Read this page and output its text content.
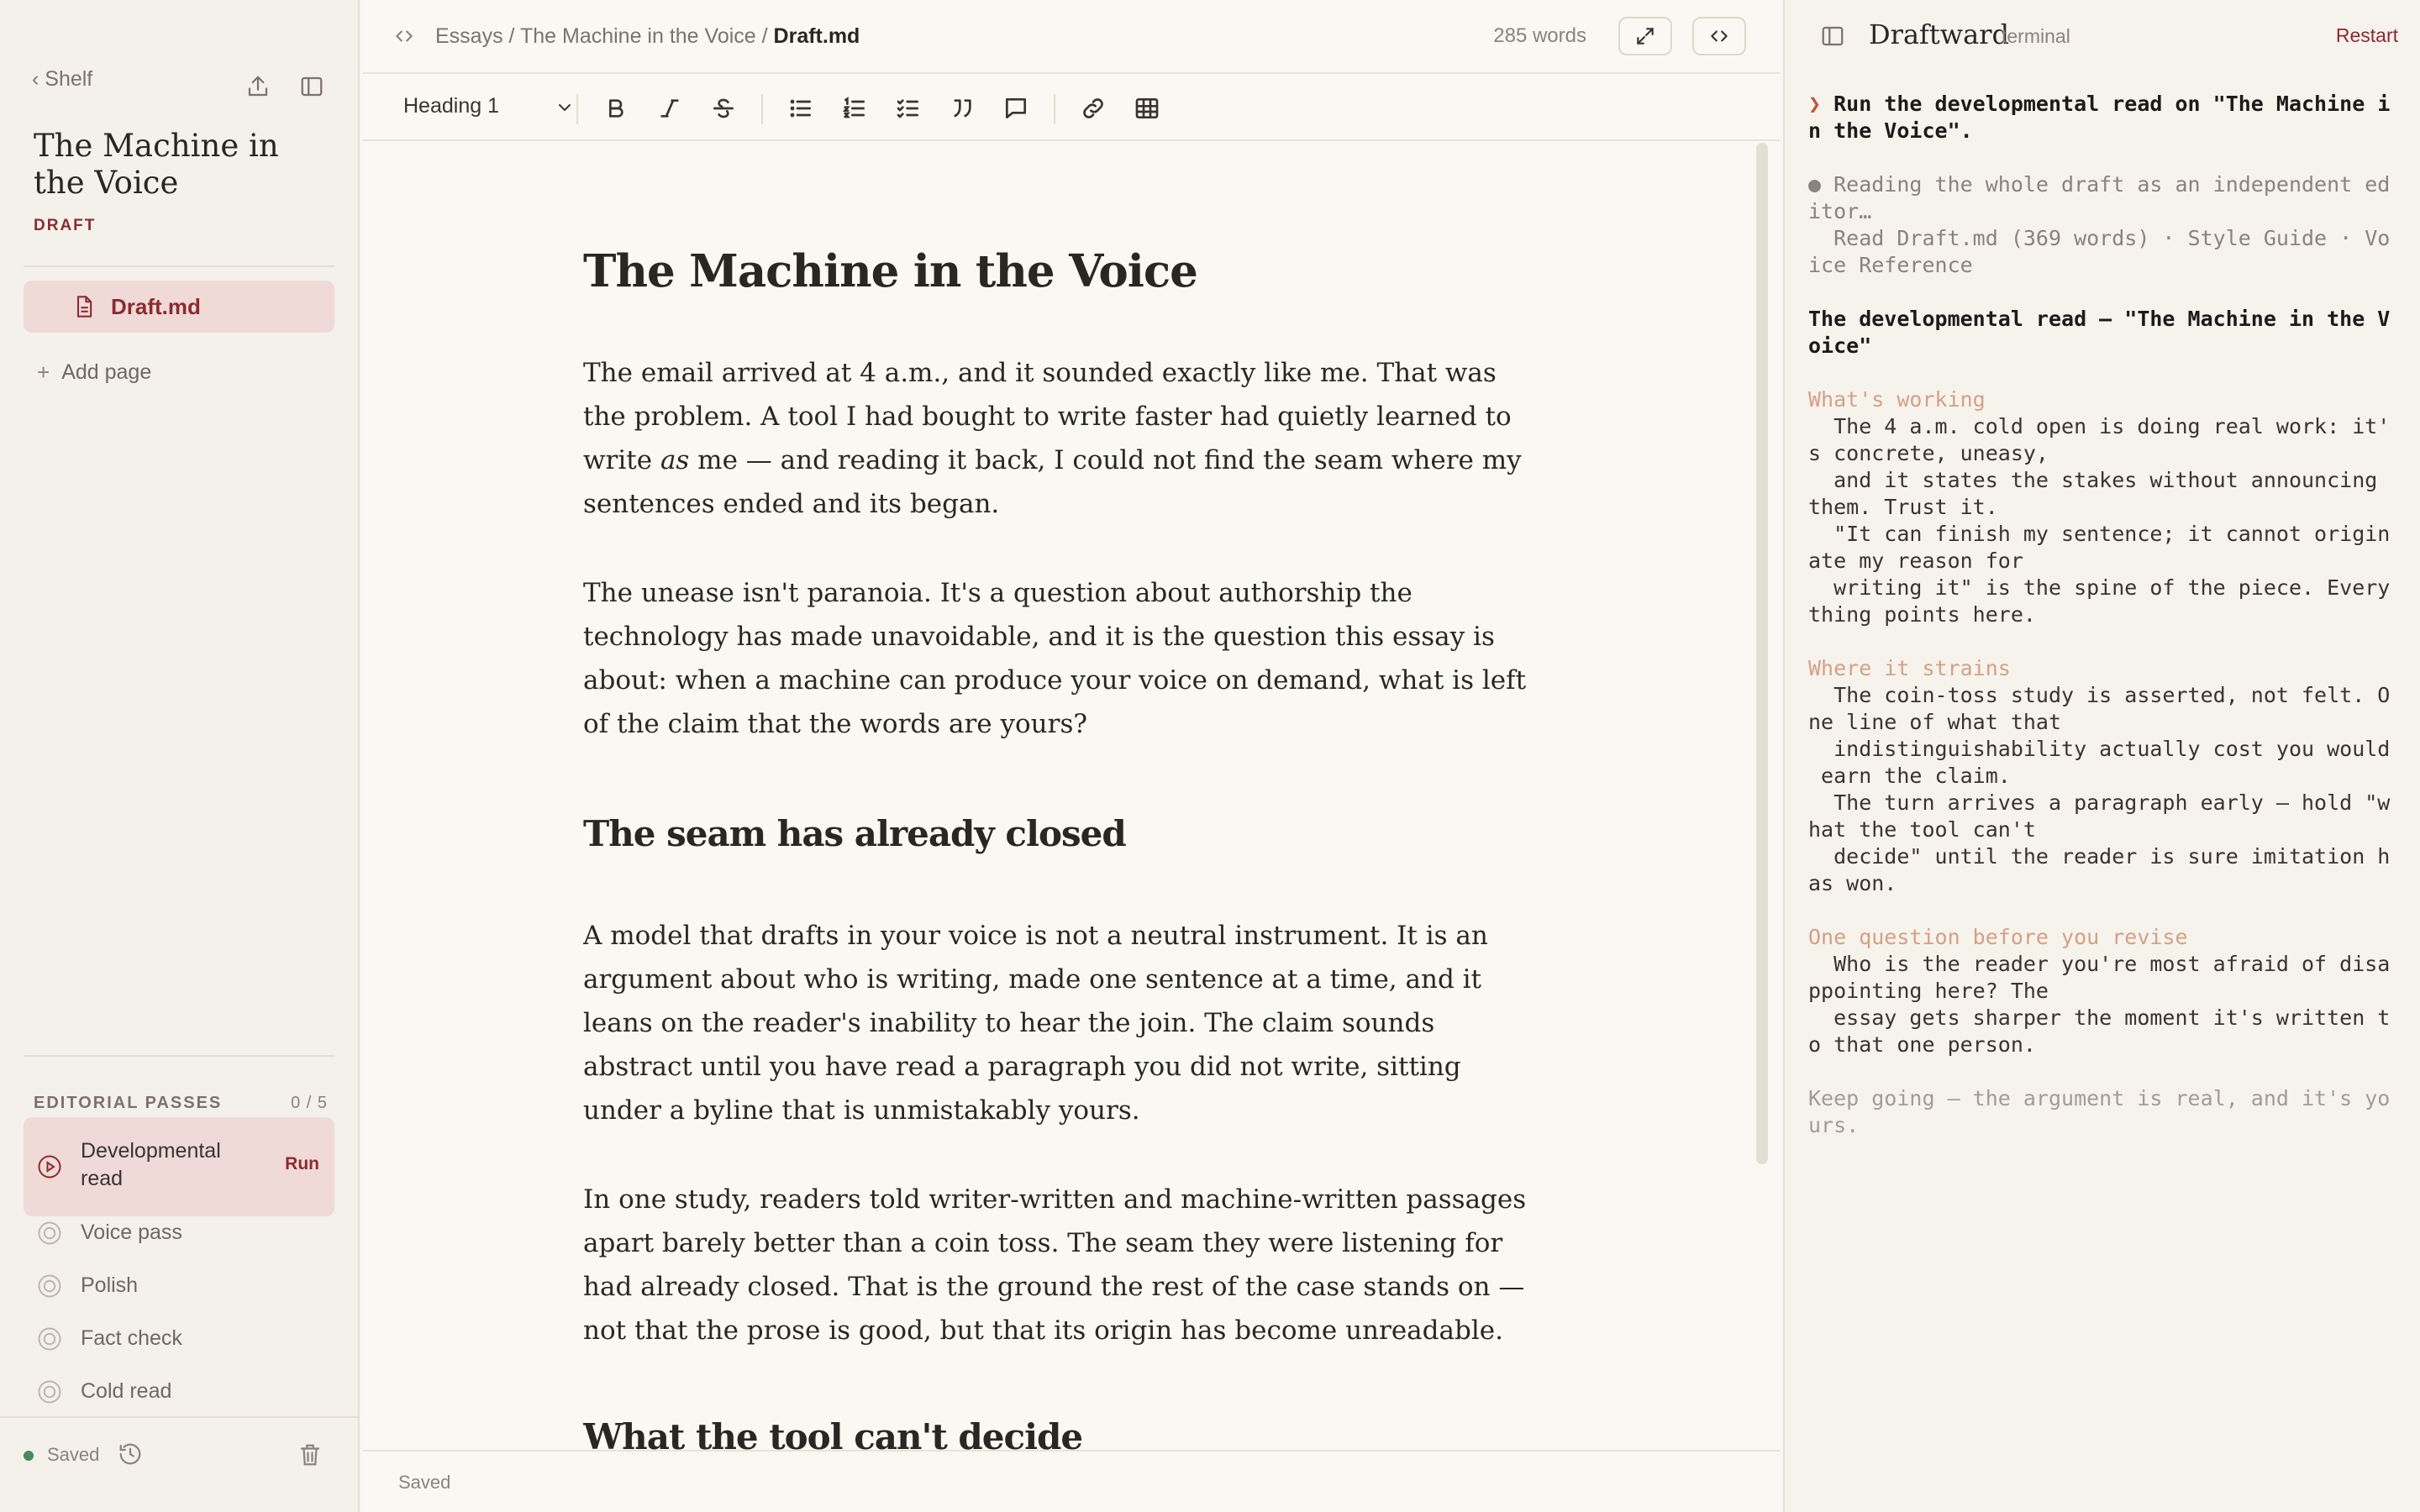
‹ Shelf
The Machine in the Voice
DRAFT
Draft.md
+ Add page
EDITORIAL PASSES	0 / 5
Developmental read
Run
Voice pass
Polish
Fact check
Cold read
Saved
Essays / The Machine in the Voice / Draft.md	285 words
Heading 1
The Machine in the Voice

The email arrived at 4 a.m., and it sounded exactly like me. That was the problem. A tool I had bought to write faster had quietly learned to write as me — and reading it back, I could not find the seam where my sentences ended and its began.

The unease isn't paranoia. It's a question about authorship the technology has made unavoidable, and it is the question this essay is about: when a machine can produce your voice on demand, what is left of the claim that the words are yours?

The seam has already closed

A model that drafts in your voice is not a neutral instrument. It is an argument about who is writing, made one sentence at a time, and it leans on the reader's inability to hear the join. The claim sounds abstract until you have read a paragraph you did not write, sitting under a byline that is unmistakably yours.

In one study, readers told writer-written and machine-written passages apart barely better than a coin toss. The seam they were listening for had already closed. That is the ground the rest of the case stands on — not that the prose is good, but that its origin has become unreadable.

What the tool can't decide
Saved
Draftward
terminal	Restart
❯ Run the developmental read on "The Machine i
n the Voice".
● Reading the whole draft as an independent ed
itor…
Read Draft.md (369 words) · Style Guide · Vo
ice Reference
The developmental read — "The Machine in the V
oice"
What's working
The 4 a.m. cold open is doing real work: it'
s concrete, uneasy,
and it states the stakes without announcing
them. Trust it.
"It can finish my sentence; it cannot origin
ate my reason for
writing it" is the spine of the piece. Every
thing points here.
Where it strains
The coin-toss study is asserted, not felt. O
ne line of what that
indistinguishability actually cost you would
earn the claim.
The turn arrives a paragraph early — hold "w
hat the tool can't
decide" until the reader is sure imitation h
as won.
One question before you revise
Who is the reader you're most afraid of disa
ppointing here? The
essay gets sharper the moment it's written t
o that one person.
Keep going — the argument is real, and it's yo
urs.
